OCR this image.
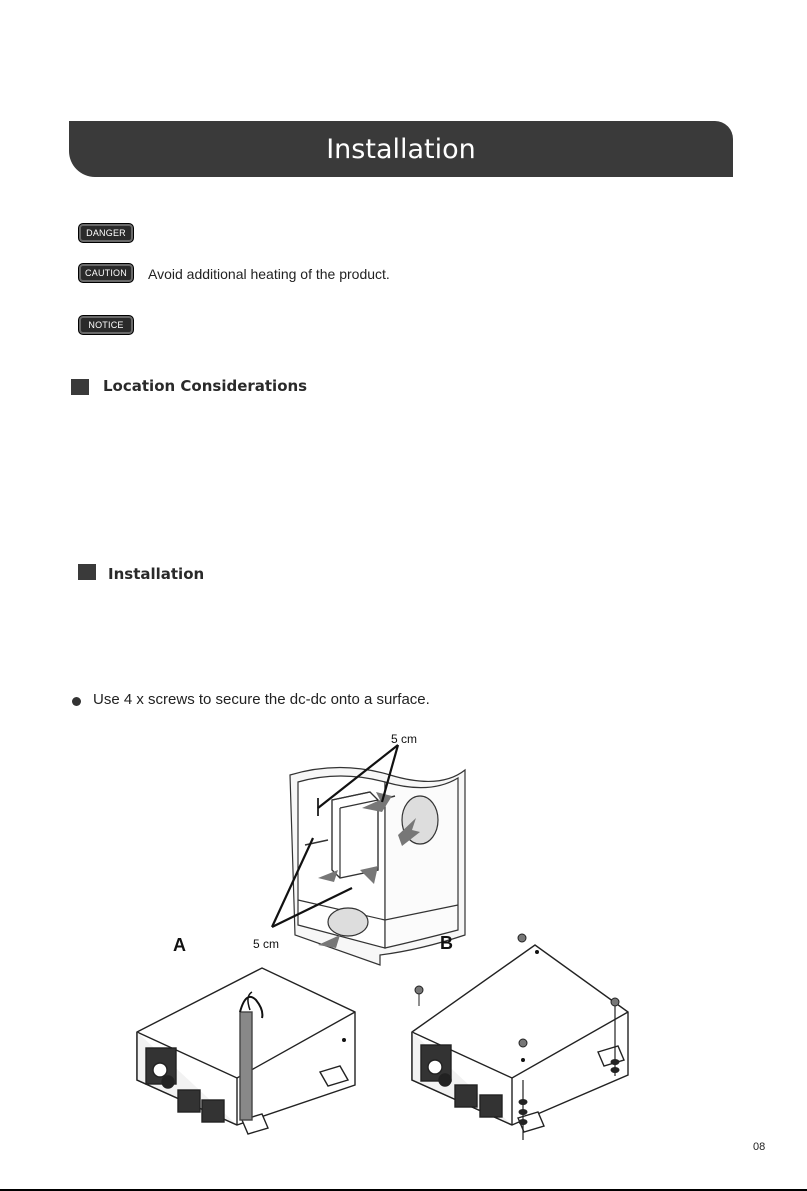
Installation
DANGER
CAUTION	Avoid additional heating of the product.
NOTICE
Location Considerations
Installation
Use 4 x screws to secure the dc-dc onto a surface.
5 cm
5 cm
A	B
08
